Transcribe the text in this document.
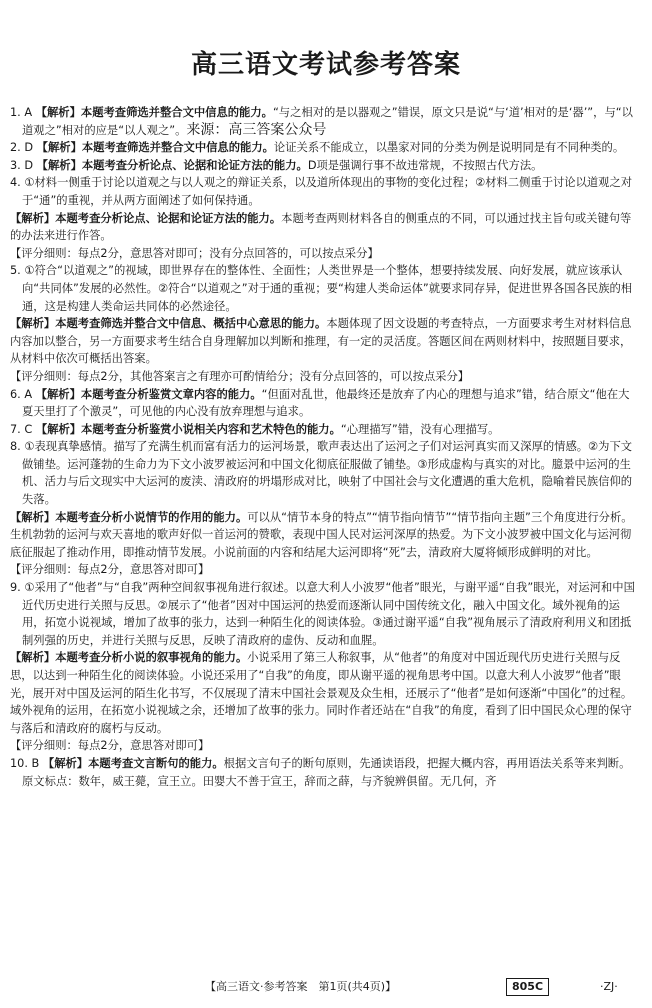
高三语文考试参考答案
1. A 【解析】本题考查筛选并整合文中信息的能力。“与之相对的是以器观之”错误，原文只是说“与‘道’相对的是‘器’”，与“以道观之”相对的应是“以人观之”。来源：高三答案公众号
2. D 【解析】本题考查筛选并整合文中信息的能力。论证关系不能成立，以墨家对同的分类为例是说明同是有不同种类的。
3. D 【解析】本题考查分析论点、论据和论证方法的能力。D项是强调行事不故违常规，不按照古代方法。
4. ①材料一侧重于讨论以道观之与以人观之的辩证关系，以及道所体现出的事物的变化过程；②材料二侧重于讨论以道观之对于“通”的重视，并从两方面阐述了如何保持通。
【解析】本题考查分析论点、论据和论证方法的能力。本题考查两则材料各自的侧重点的不同，可以通过找主旨句或关键句等的办法来进行作答。
【评分细则：每点2分，意思答对即可；没有分点回答的，可以按点采分】
5. ①符合“以道观之”的视域，即世界存在的整体性、全面性；人类世界是一个整体，想要持续发展、向好发展，就应该承认向“共同体”发展的必然性。②符合“以道观之”对于通的重视；要“构建人类命运体”就要求同存异，促进世界各国各民族的相通，这是构建人类命运共同体的必然途径。
【解析】本题考查筛选并整合文中信息、概括中心意思的能力。本题体现了因文设题的考查特点，一方面要求考生对材料信息内容加以整合，另一方面要求考生结合自身理解加以判断和推理，有一定的灵活度。答题区间在两则材料中，按照题目要求，从材料中依次可概括出答案。
【评分细则：每点2分，其他答案言之有理亦可酌情给分；没有分点回答的，可以按点采分】
6. A 【解析】本题考查分析鉴赏文章内容的能力。“但面对乱世，他最终还是放弃了内心的理想与追求”错，结合原文“他在大夏天里打了个激灵”，可见他的内心没有放弃理想与追求。
7. C 【解析】本题考查分析鉴赏小说相关内容和艺术特色的能力。“心理描写”错，没有心理描写。
8. ①表现真挚感情。描写了充满生机而富有活力的运河场景，歌声表达出了运河之子们对运河真实而又深厚的情感。②为下文做铺垫。运河蓬勃的生命力为下文小波罗被运河和中国文化彻底征服做了铺垫。③形成虚构与真实的对比。臆景中运河的生机、活力与后文现实中大运河的废渎、清政府的坍塌形成对比，映射了中国社会与文化遭遇的重大危机，隐喻着民族信仰的失落。
【解析】本题考查分析小说情节的作用的能力。可以从“情节本身的特点”“情节指向情节”“情节指向主题”三个角度进行分析。生机勃勃的运河与欢天喜地的歌声好似一首运河的赞歌，表现中国人民对运河深厚的热爱。为下文小波罗被中国文化与运河彻底征服起了推动作用，即推动情节发展。小说前面的内容和结尾大运河即将“死”去，清政府大厦将倾形成鲜明的对比。
【评分细则：每点2分，意思答对即可】
9. ①采用了“他者”与“自我”两种空间叙事视角进行叙述。以意大利人小波罗“他者”眼光，与谢平遥“自我”眼光，对运河和中国近代历史进行关照与反思。②展示了“他者”因对中国运河的热爱而逐渐认同中国传统文化，融入中国文化。域外视角的运用，拓宽小说视域，增加了故事的张力，达到一种陌生化的阅读体验。③通过谢平遥“自我”视角展示了清政府利用义和团抵制列强的历史，并进行关照与反思，反映了清政府的虚伪、反动和血腥。
【解析】本题考查分析小说的叙事视角的能力。小说采用了第三人称叙事，从“他者”的角度对中国近现代历史进行关照与反思，以达到一种陌生化的阅读体验。小说还采用了“自我”的角度，即从谢平遥的视角思考中国。以意大利人小波罗“他者”眼光，展开对中国及运河的陌生化书写，不仅展现了清末中国社会景观及众生相，还展示了“他者”是如何逐渐“中国化”的过程。域外视角的运用，在拓宽小说视域之余，还增加了故事的张力。同时作者还站在“自我”的角度，看到了旧中国民众心理的保守与落后和清政府的腐朽与反动。
【评分细则：每点2分，意思答对即可】
10. B 【解析】本题考查文言断句的能力。根据文言句子的断句原则，先通读语段，把握大概内容，再用语法关系等来判断。原文标点：数年，威王薨，宣王立。田婴大不善于宣王，辞而之薛，与齐貌辨俱留。无几何，齐
【高三语文·参考答案　第1页(共4页)】	805C	·ZJ·
